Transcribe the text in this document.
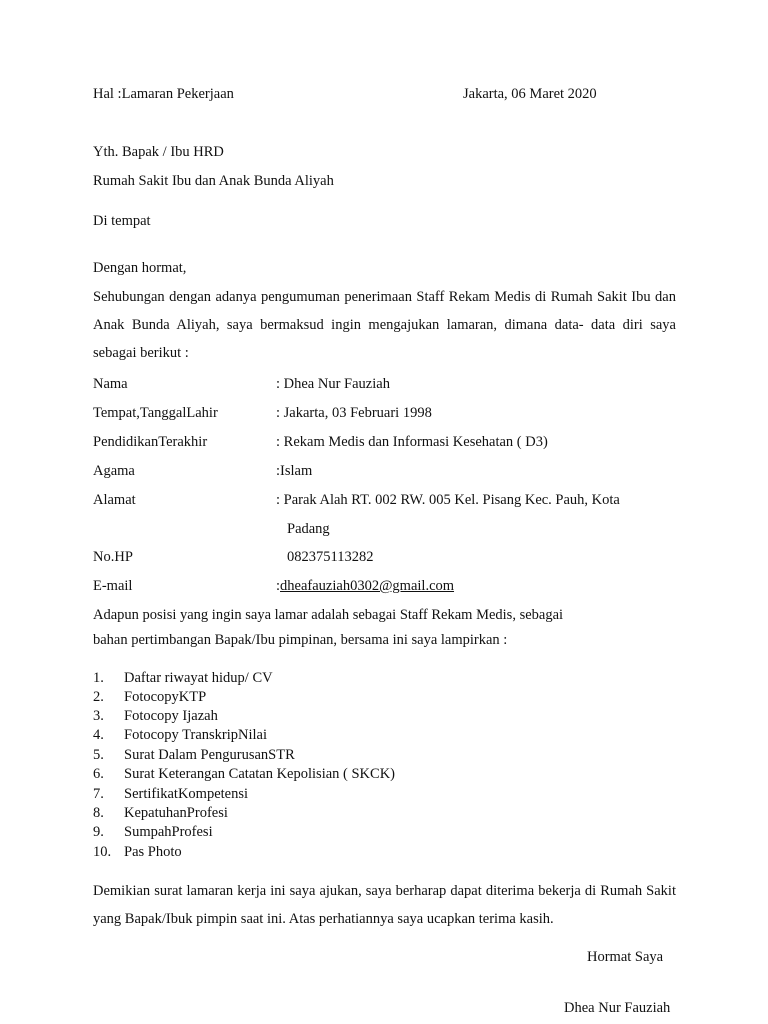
Hal :Lamaran Pekerjaan	Jakarta, 06 Maret 2020
Yth. Bapak / Ibu HRD
Rumah Sakit Ibu dan Anak Bunda Aliyah
Di tempat
Dengan hormat,
Sehubungan dengan adanya pengumuman penerimaan Staff Rekam Medis di Rumah Sakit Ibu dan Anak Bunda Aliyah, saya bermaksud ingin mengajukan lamaran, dimana data- data diri saya sebagai berikut :
Nama	: Dhea Nur Fauziah
Tempat,TanggalLahir	: Jakarta, 03 Februari 1998
PendidikanTerakhir	: Rekam Medis dan Informasi Kesehatan ( D3)
Agama	:Islam
Alamat	: Parak Alah RT. 002 RW. 005 Kel. Pisang Kec. Pauh, Kota
Padang
No.HP	082375113282
E-mail	:dheafauziah0302@gmail.com
Adapun posisi yang ingin saya lamar adalah sebagai Staff Rekam Medis, sebagai
bahan pertimbangan Bapak/Ibu pimpinan, bersama ini saya lampirkan :
1. Daftar riwayat hidup/ CV
2. FotocopyKTP
3. Fotocopy Ijazah
4. Fotocopy TranskripNilai
5. Surat Dalam PengurusanSTR
6. Surat Keterangan Catatan Kepolisian ( SKCK)
7. SertifikatKompetensi
8. KepatuhanProfesi
9. SumpahProfesi
10. Pas Photo
Demikian surat lamaran kerja ini saya ajukan, saya berharap dapat diterima bekerja di Rumah Sakit yang Bapak/Ibuk pimpin saat ini. Atas perhatiannya saya ucapkan terima kasih.
Hormat Saya
Dhea Nur Fauziah
